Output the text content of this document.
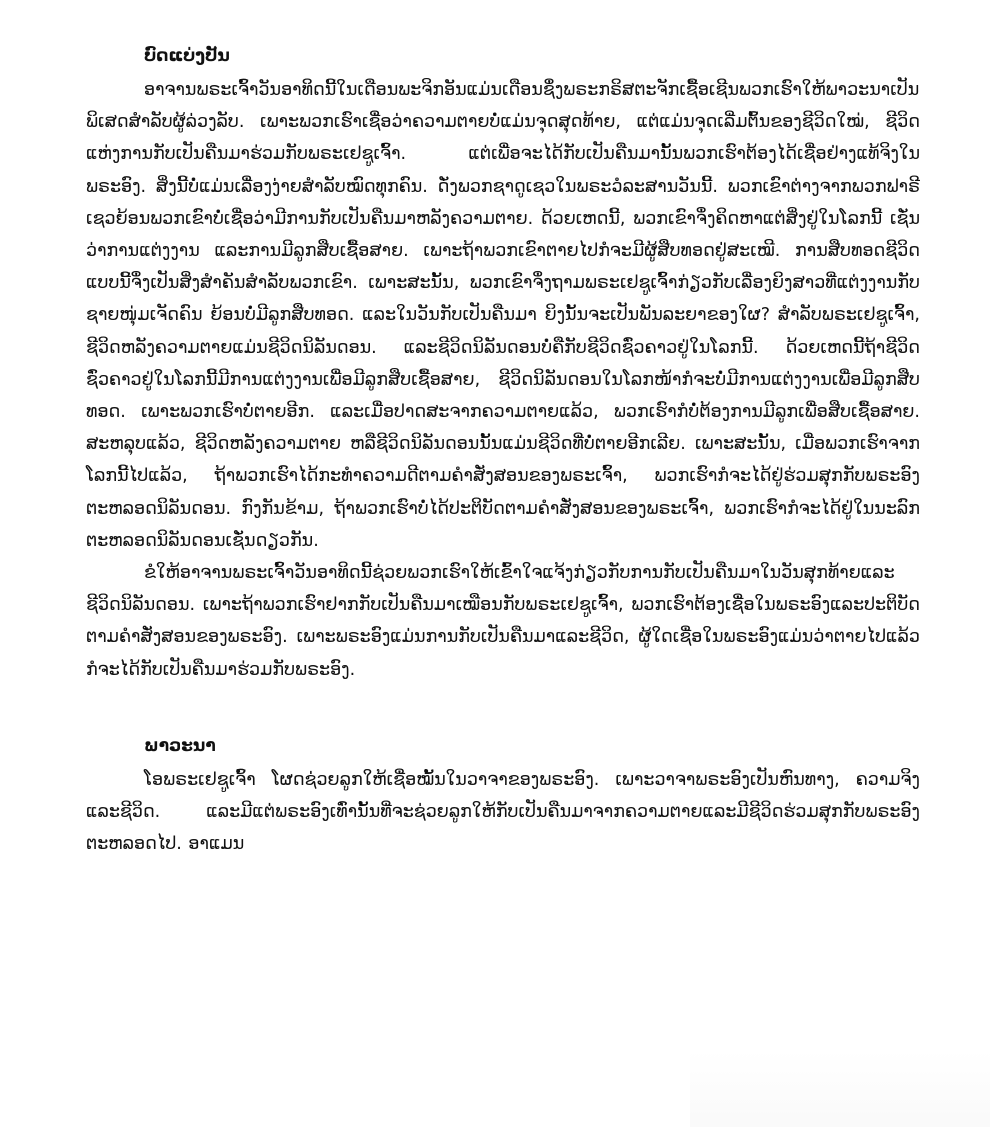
ບົດແບ່ງປັນ

ອາຈານພຣະເຈົ້າວັນອາທິດນີ້ໃນເດືອນພະຈິກອັນແມ່ນເດືອນຊຶ່ງພຣະກຣິສຕະຈັກເຊື້ອເຊີນພວກເຮົາໃຫ້ພາວະນາເປັນພິເສດສຳລັບຜູ້ລ່ວງລັບ. ເພາະພວກເຮົາເຊື່ອວ່າຄວາມຕາຍບໍ່ແມ່ນຈຸດສຸດທ້າຍ, ແຕ່ແມ່ນຈຸດເລີ່ມຕົ້ນຂອງຊີວິດໃໝ່, ຊີວິດແຫ່ງການກັບເປັນຄືນມາຮ່ວມກັບພຣະເຢຊູເຈົ້າ. ແຕ່ເພື່ອຈະໄດ້ກັບເປັນຄືນມານັ້ນພວກເຮົາຕ້ອງໄດ້ເຊື່ອຢ່າງແທ້ຈິງໃນພຣະອົງ. ສິ່ງນີ້ບໍ່ແມ່ນເລື່ອງງ່າຍສຳລັບໝົດທຸກຄົນ. ດັ່ງພວກຊາດູເຊວໃນພຣະວໍລະສານວັນນີ້. ພວກເຂົາຕ່າງຈາກພວກຟາຣີເຊວຍ້ອນພວກເຂົາບໍ່ເຊື່ອວ່າມີການກັບເປັນຄືນມາຫລັງຄວາມຕາຍ. ດ້ວຍເຫດນີ້, ພວກເຂົາຈຶ່ງຄິດຫາແຕ່ສິ່ງຢູ່ໃນໂລກນີ້ ເຊັ່ນວ່າການແຕ່ງງານ ແລະການມີລູກສືບເຊື້ອສາຍ. ເພາະຖ້າພວກເຂົາຕາຍໄປກໍຈະມີຜູ້ສືບທອດຢູ່ສະເໝີ. ການສືບທອດຊີວິດແບບນີ້ຈຶ່ງເປັນສິ່ງສຳຄັນສຳລັບພວກເຂົາ. ເພາະສະນັ້ນ, ພວກເຂົາຈຶ່ງຖາມພຣະເຢຊູເຈົ້າກ່ຽວກັບເລື່ອງຍິງສາວທີ່ແຕ່ງງານກັບຊາຍໜຸ່ມເຈັດຄົນ ຍ້ອນບໍ່ມີລູກສືບທອດ. ແລະໃນວັນກັບເປັນຄືນມາ ຍິງນັ້ນຈະເປັນພັນລະຍາຂອງໃຜ? ສຳລັບພຣະເຢຊູເຈົ້າ, ຊີວິດຫລັງຄວາມຕາຍແມ່ນຊີວິດນິລັນດອນ. ແລະຊີວິດນິລັນດອນບໍ່ຄືກັບຊີວິດຊົ່ວຄາວຢູ່ໃນໂລກນີ້. ດ້ວຍເຫດນີ້ຖ້າຊີວິດຊົ່ວຄາວຢູ່ໃນໂລກນີ້ມີການແຕ່ງງານເພື່ອມີລູກສືບເຊື້ອສາຍ, ຊີວິດນິລັນດອນໃນໂລກໜ້າກໍຈະບໍ່ມີການແຕ່ງງານເພື່ອມີລູກສືບທອດ. ເພາະພວກເຮົາບໍ່ຕາຍອີກ. ແລະເມື່ອປາດສະຈາກຄວາມຕາຍແລ້ວ, ພວກເຮົາກໍບໍ່ຕ້ອງການມີລູກເພື່ອສືບເຊື້ອສາຍ. ສະຫລຸບແລ້ວ, ຊີວິດຫລັງຄວາມຕາຍ ຫລືຊີວິດນິລັນດອນນັ້ນແມ່ນຊີວິດທີ່ບໍ່ຕາຍອີກເລີຍ. ເພາະສະນັ້ນ, ເມື່ອພວກເຮົາຈາກໂລກນີ້ໄປແລ້ວ, ຖ້າພວກເຮົາໄດ້ກະທຳຄວາມດີຕາມຄຳສັ່ງສອນຂອງພຣະເຈົ້າ, ພວກເຮົາກໍຈະໄດ້ຢູ່ຮ່ວມສຸກກັບພຣະອົງຕະຫລອດນິລັນດອນ. ກົງກັນຂ້າມ, ຖ້າພວກເຮົາບໍ່ໄດ້ປະຕິບັດຕາມຄຳສັ່ງສອນຂອງພຣະເຈົ້າ, ພວກເຮົາກໍຈະໄດ້ຢູ່ໃນນະລົກຕະຫລອດນິລັນດອນເຊັ່ນດຽວກັນ.

ຂໍໃຫ້ອາຈານພຣະເຈົ້າວັນອາທິດນີ້ຊ່ວຍພວກເຮົາໃຫ້ເຂົ້າໃຈແຈ້ງກ່ຽວກັບການກັບເປັນຄືນມາໃນວັນສຸກທ້າຍແລະຊີວິດນິລັນດອນ. ເພາະຖ້າພວກເຮົາຢາກກັບເປັນຄືນມາເໝືອນກັບພຣະເຢຊູເຈົ້າ, ພວກເຮົາຕ້ອງເຊື່ອໃນພຣະອົງແລະປະຕິບັດຕາມຄຳສັ່ງສອນຂອງພຣະອົງ. ເພາະພຣະອົງແມ່ນການກັບເປັນຄືນມາແລະຊີວິດ, ຜູ້ໃດເຊື່ອໃນພຣະອົງແມ່ນວ່າຕາຍໄປແລ້ວ ກໍຈະໄດ້ກັບເປັນຄືນມາຮ່ວມກັບພຣະອົງ.

ພາວະນາ

ໂອພຣະເຢຊູເຈົ້າ ໂຜດຊ່ວຍລູກໃຫ້ເຊື່ອໝັ້ນໃນວາຈາຂອງພຣະອົງ. ເພາະວາຈາພຣະອົງເປັນຫົນທາງ, ຄວາມຈິງແລະຊີວິດ. ແລະມີແຕ່ພຣະອົງເທົ່ານັ້ນທີ່ຈະຊ່ວຍລູກໃຫ້ກັບເປັນຄືນມາຈາກຄວາມຕາຍແລະມີຊີວິດຮ່ວມສຸກກັບພຣະອົງຕະຫລອດໄປ. ອາແມນ
